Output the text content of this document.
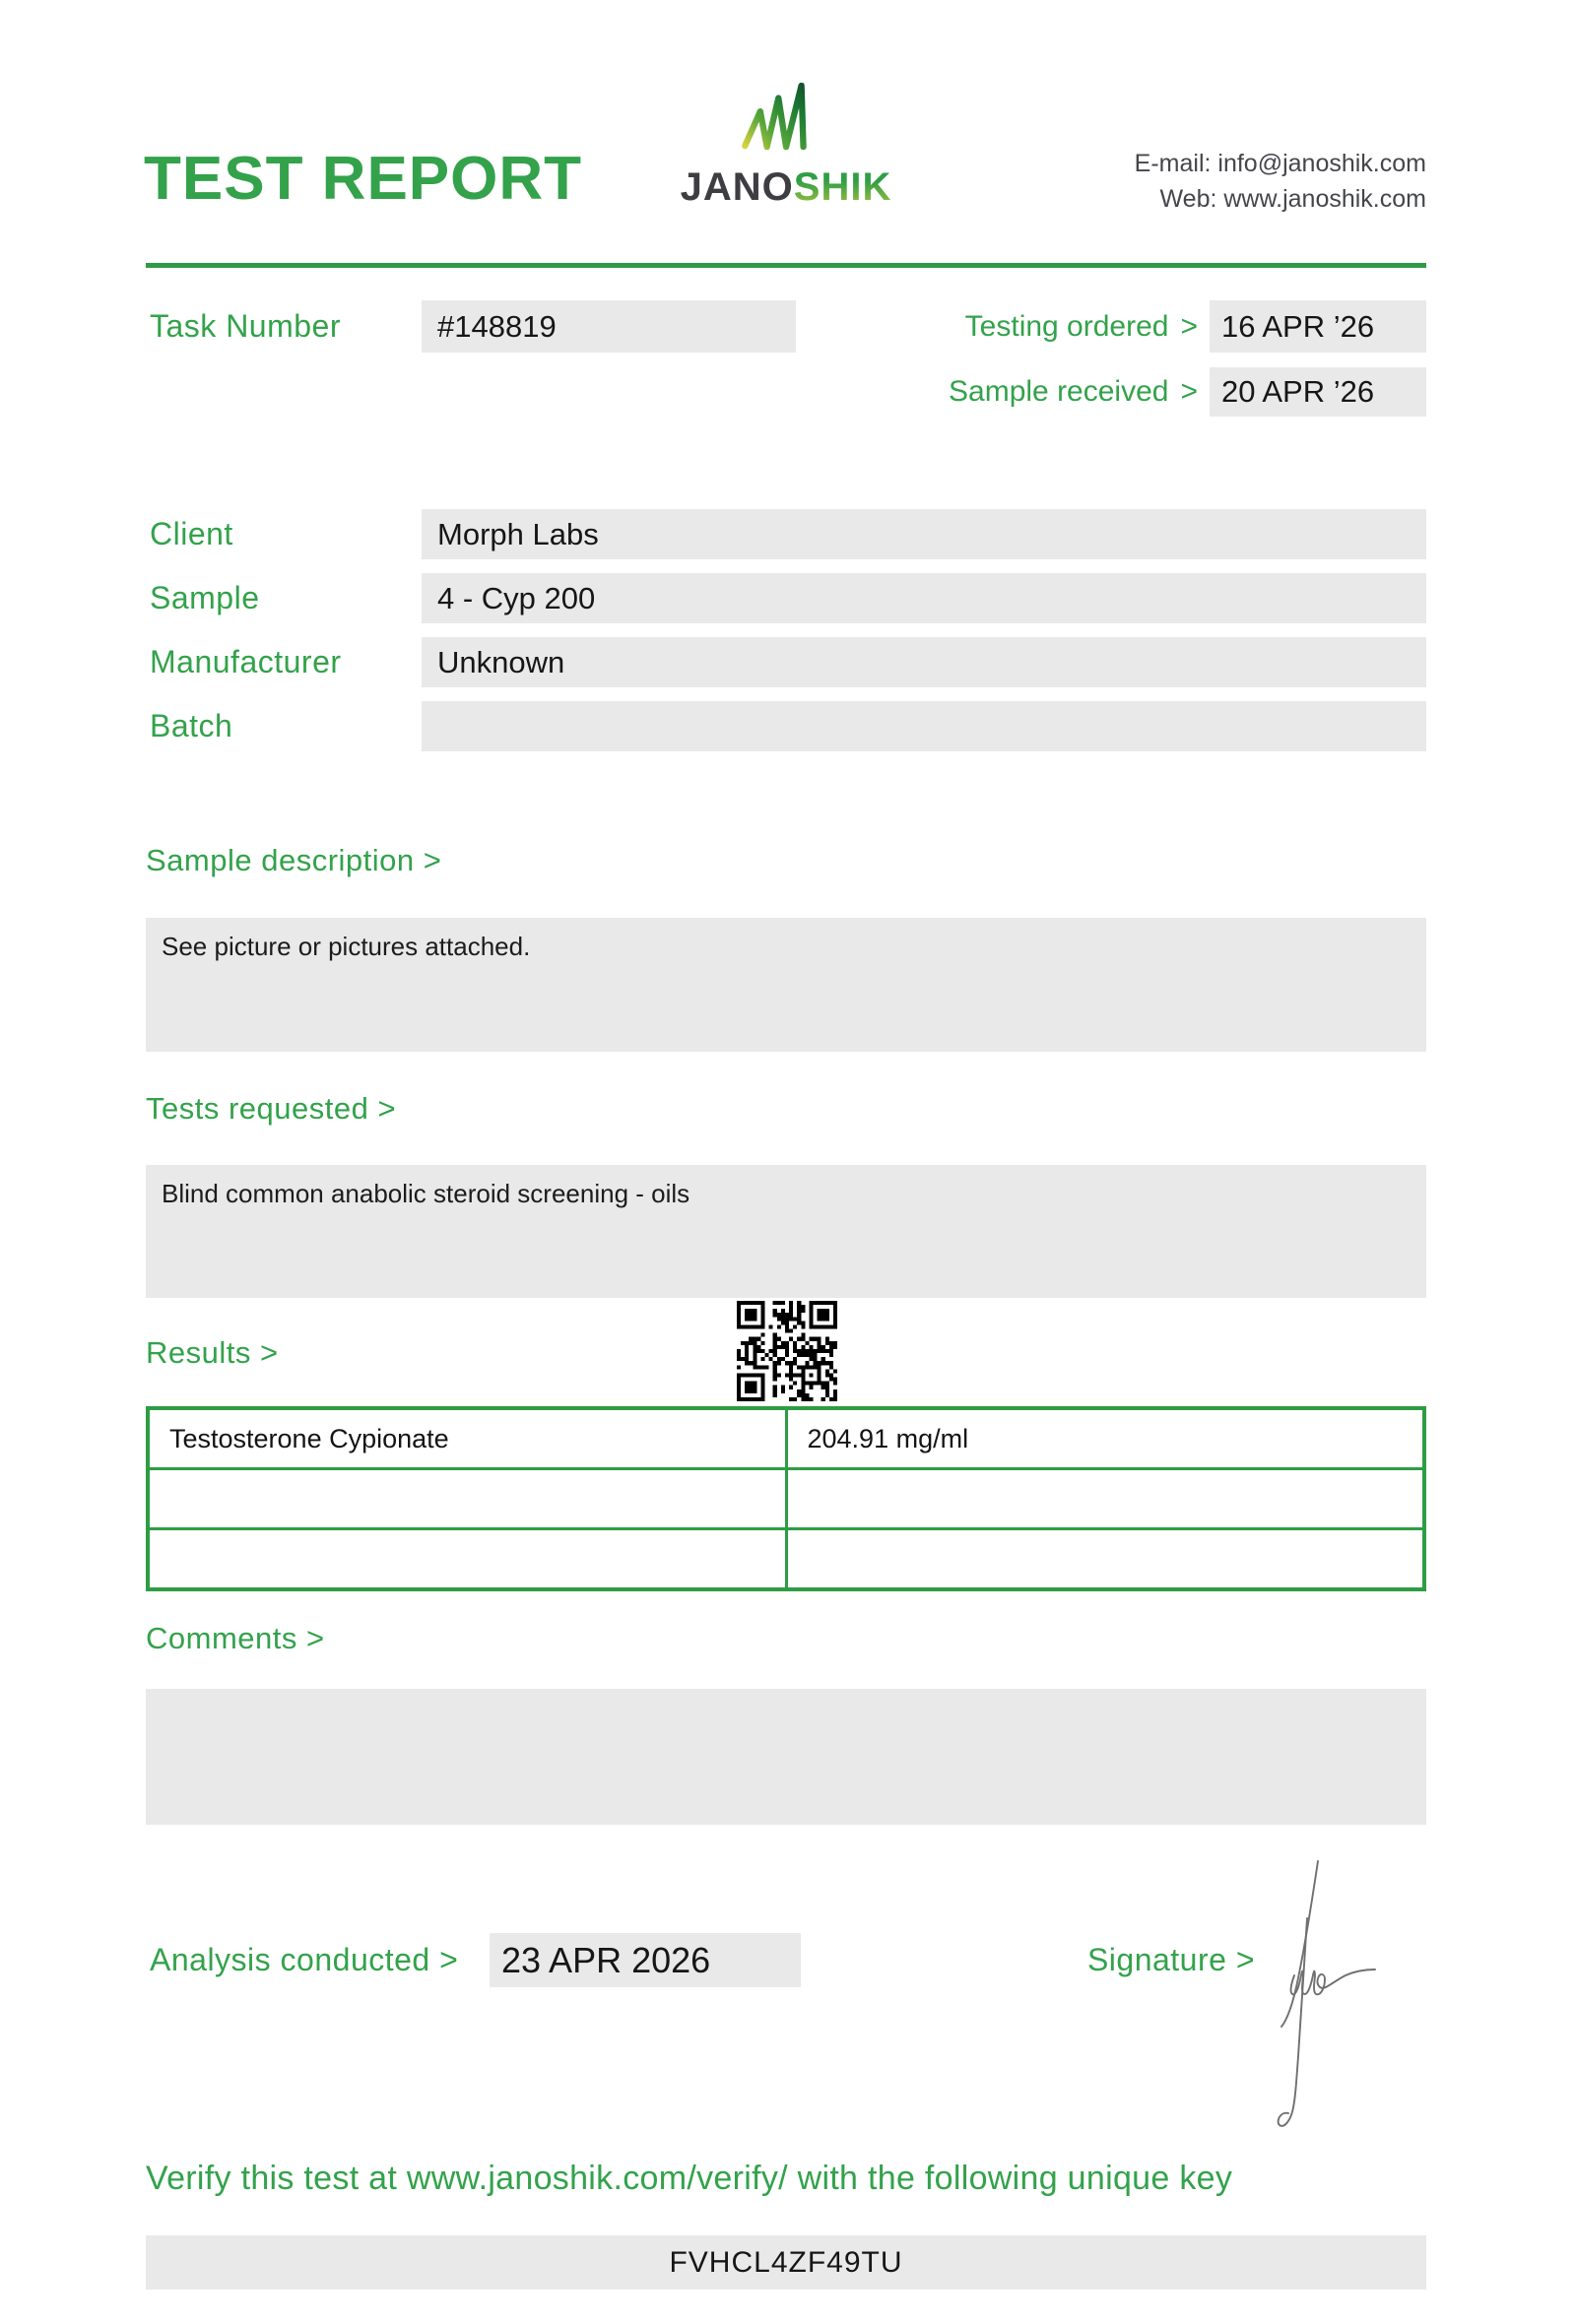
TEST REPORT JANOSHIK
E-mail: info@janoshik.com
Web: www.janoshik.com
Task Number	#148819	Testing ordered > 16 APR ’26
Sample received > 20 APR ’26
Client	Morph Labs
Sample	4 - Cyp 200
Manufacturer	Unknown
Batch
Sample description >
See picture or pictures attached.
Tests requested >
Blind common anabolic steroid screening - oils
Results >
Testosterone Cypionate	204.91 mg/ml

Comments >
Analysis conducted >	23 APR 2026	Signature >
Verify this test at www.janoshik.com/verify/ with the following unique key
FVHCL4ZF49TU
